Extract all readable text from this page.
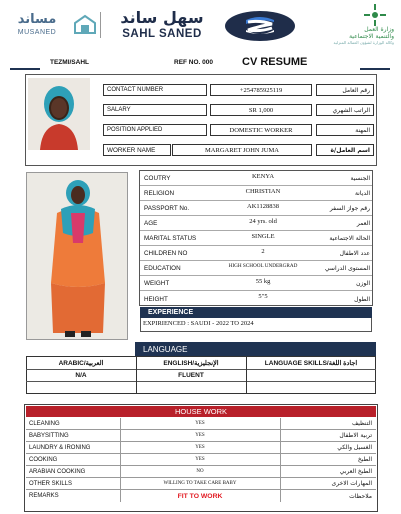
مساند
MUSANED
سهل ساند
SAHL SANED	وزارة العمل
والتنمية الاجتماعية
وكالة الوزارة لشؤون العمالة المنزلية
TEZMI/SAHL	REF NO. 000	CV RESUME
CONTACT NUMBER	+254785925119	رقم العامل
SALARY	SR 1,000	الراتب الشهري
POSITION APPLIED	DOMESTIC WORKER	المهنة
WORKER NAME	MARGARET JOHN JUMA	اسم العامل/ة
COUTRY	KENYA	الجنسية
RELIGION	CHRISTIAN	الديانة
PASSPORT No.	AK1128838	رقم جواز السفر
AGE	24 yrs. old	العمر
MARITAL STATUS	SINGLE	الحالة الاجتماعية
CHILDREN NO	2	عدد الاطفال
EDUCATION	HIGH SCHOOL UNDERGRAD	المستوى الدراسي
WEIGHT	55 kg	الوزن
HEIGHT	5"5	الطول
EXPERIENCE
EXPIRIENCED : SAUDI - 2022 TO 2024
LANGUAGE
ARABIC/العربية	ENGLISH/الإنجليزية	LANGUAGE SKILLS/اجادة اللغة
N/A	FLUENT
HOUSE WORK
CLEANING	YES	التنظيف
BABYSITTING	YES	تربية الاطفال
LAUNDRY & IRONING	YES	الغسيل والكي
COOKING	YES	الطبخ
ARABIAN COOKING	NO	الطبخ العربي
OTHER SKILLS	WILLING TO TAKE CARE BABY	المهارات الاخرى
REMARKS	FIT TO WORK	ملاحظات
